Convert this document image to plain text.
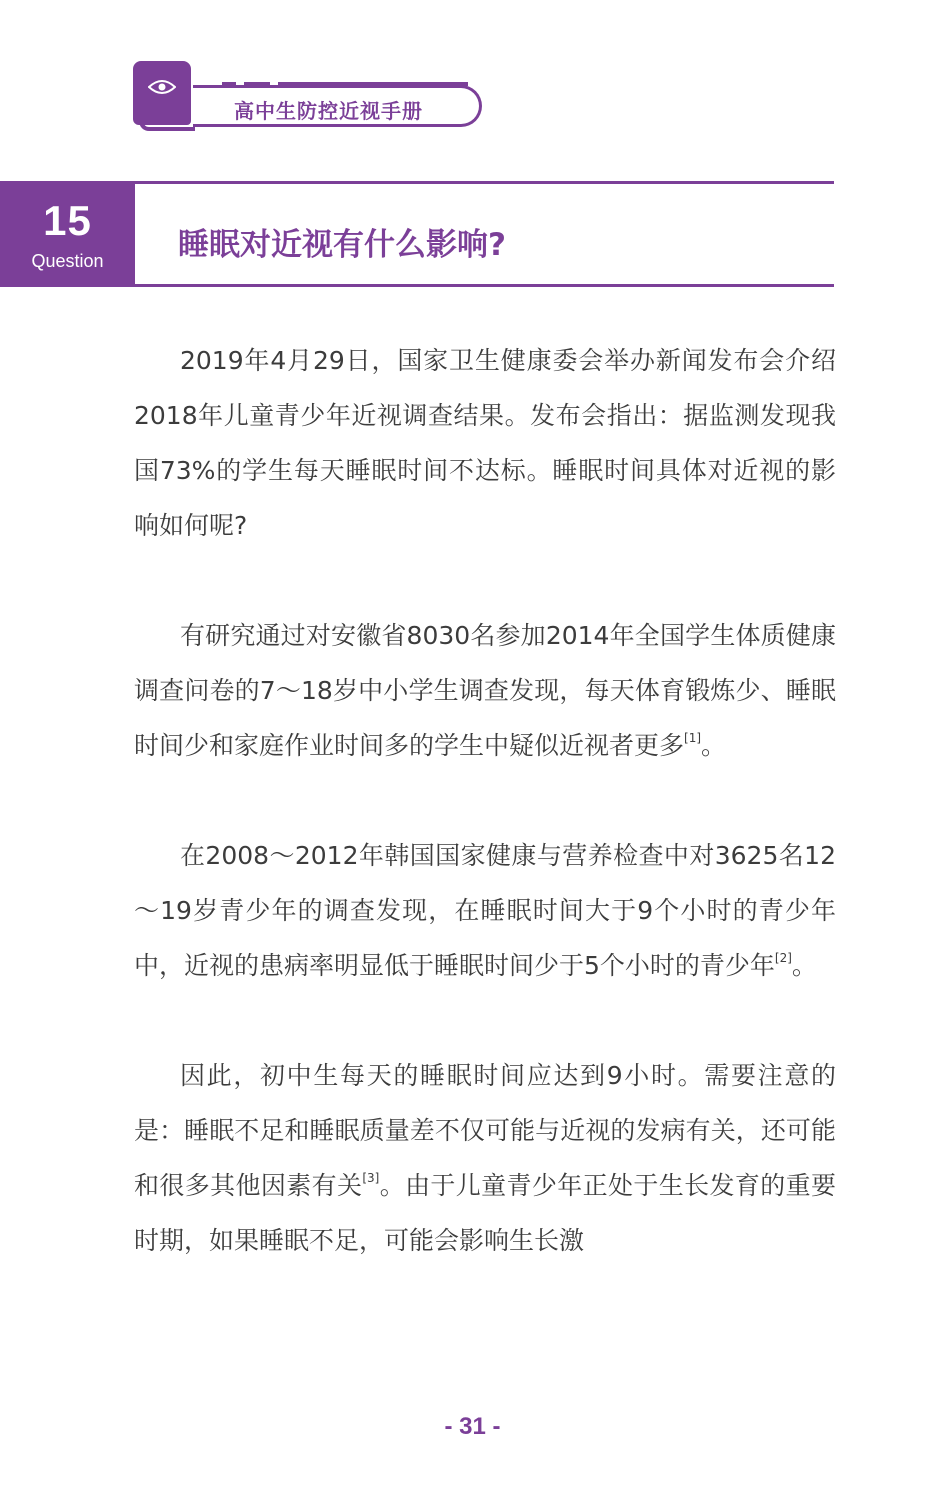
高中生防控近视手册
15
Question	睡眠对近视有什么影响?

2019年4月29日，国家卫生健康委会举办新闻发布会介绍2018年儿童青少年近视调查结果。发布会指出：据监测发现我国73%的学生每天睡眠时间不达标。睡眠时间具体对近视的影响如何呢?

有研究通过对安徽省8030名参加2014年全国学生体质健康调查问卷的7～18岁中小学生调查发现，每天体育锻炼少、睡眠时间少和家庭作业时间多的学生中疑似近视者更多[1]。

在2008～2012年韩国国家健康与营养检查中对3625名12～19岁青少年的调查发现，在睡眠时间大于9个小时的青少年中，近视的患病率明显低于睡眠时间少于5个小时的青少年[2]。

因此，初中生每天的睡眠时间应达到9小时。需要注意的是：睡眠不足和睡眠质量差不仅可能与近视的发病有关，还可能和很多其他因素有关[3]。由于儿童青少年正处于生长发育的重要时期，如果睡眠不足，可能会影响生长激

- 31 -
